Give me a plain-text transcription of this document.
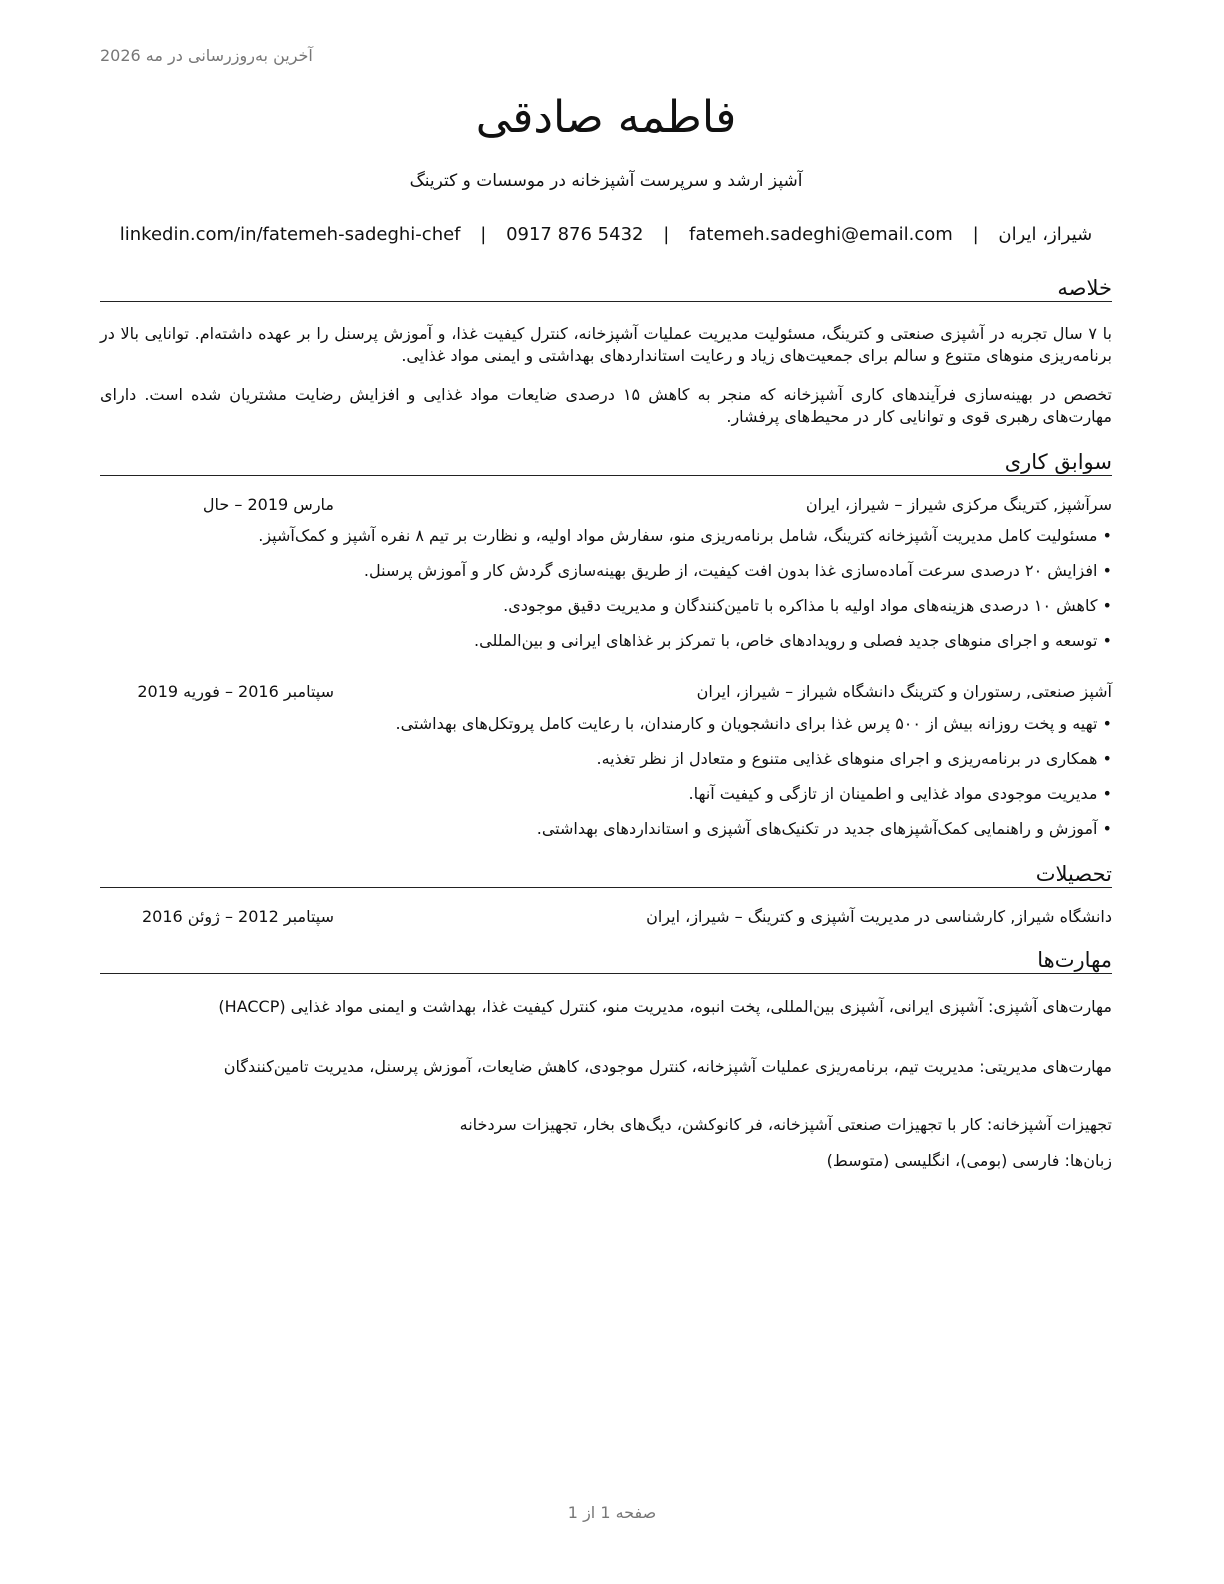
آخرین به‌روزرسانی در مه 2026
فاطمه صادقی
آشپز ارشد و سرپرست آشپزخانه در موسسات و کترینگ
شیراز، ایران | fatemeh.sadeghi@email.com | 0917 876 5432 | linkedin.com/in/fatemeh-sadeghi-chef
خلاصه

با ۷ سال تجربه در آشپزی صنعتی و کترینگ، مسئولیت مدیریت عملیات آشپزخانه، کنترل کیفیت غذا، و آموزش پرسنل را بر عهده داشته‌ام. توانایی بالا در برنامه‌ریزی منوهای متنوع و سالم برای جمعیت‌های زیاد و رعایت استانداردهای بهداشتی و ایمنی مواد غذایی.

تخصص در بهینه‌سازی فرآیندهای کاری آشپزخانه که منجر به کاهش ۱۵ درصدی ضایعات مواد غذایی و افزایش رضایت مشتریان شده است. دارای مهارت‌های رهبری قوی و توانایی کار در محیط‌های پرفشار.

سوابق کاری
سرآشپز, کترینگ مرکزی شیراز – شیراز، ایران
مارس 2019 – حال
• مسئولیت کامل مدیریت آشپزخانه کترینگ، شامل برنامه‌ریزی منو، سفارش مواد اولیه، و نظارت بر تیم ۸ نفره آشپز و کمک‌آشپز.
• افزایش ۲۰ درصدی سرعت آماده‌سازی غذا بدون افت کیفیت، از طریق بهینه‌سازی گردش کار و آموزش پرسنل.
• کاهش ۱۰ درصدی هزینه‌های مواد اولیه با مذاکره با تامین‌کنندگان و مدیریت دقیق موجودی.
• توسعه و اجرای منوهای جدید فصلی و رویدادهای خاص، با تمرکز بر غذاهای ایرانی و بین‌المللی.
آشپز صنعتی, رستوران و کترینگ دانشگاه شیراز – شیراز، ایران
سپتامبر 2016 – فوریه 2019
• تهیه و پخت روزانه بیش از ۵۰۰ پرس غذا برای دانشجویان و کارمندان، با رعایت کامل پروتکل‌های بهداشتی.
• همکاری در برنامه‌ریزی و اجرای منوهای غذایی متنوع و متعادل از نظر تغذیه.
• مدیریت موجودی مواد غذایی و اطمینان از تازگی و کیفیت آنها.
• آموزش و راهنمایی کمک‌آشپزهای جدید در تکنیک‌های آشپزی و استانداردهای بهداشتی.
تحصیلات
دانشگاه شیراز, کارشناسی در مدیریت آشپزی و کترینگ – شیراز، ایران
سپتامبر 2012 – ژوئن 2016
مهارت‌ها

مهارت‌های آشپزی: آشپزی ایرانی، آشپزی بین‌المللی، پخت انبوه، مدیریت منو، کنترل کیفیت غذا، بهداشت و ایمنی مواد غذایی (HACCP)

مهارت‌های مدیریتی: مدیریت تیم، برنامه‌ریزی عملیات آشپزخانه، کنترل موجودی، کاهش ضایعات، آموزش پرسنل، مدیریت تامین‌کنندگان

تجهیزات آشپزخانه: کار با تجهیزات صنعتی آشپزخانه، فر کانوکشن، دیگ‌های بخار، تجهیزات سردخانه

زبان‌ها: فارسی (بومی)، انگلیسی (متوسط)

صفحه 1 از 1
